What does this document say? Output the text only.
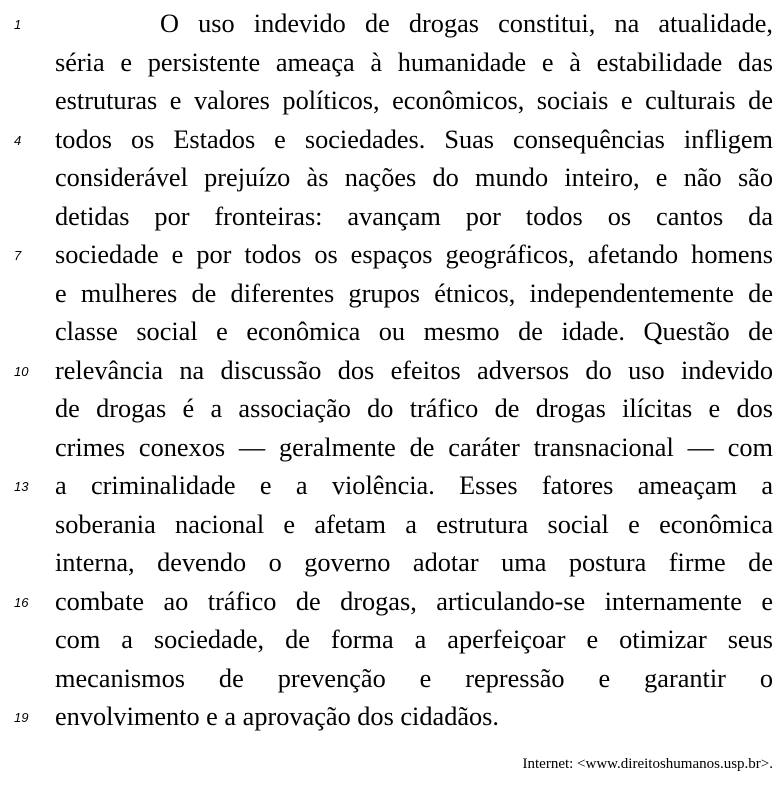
1	O uso indevido de drogas constitui, na atualidade,
séria e persistente ameaça à humanidade e à estabilidade das
estruturas e valores políticos, econômicos, sociais e culturais de
4	todos os Estados e sociedades. Suas consequências infligem
considerável prejuízo às nações do mundo inteiro, e não são
detidas por fronteiras: avançam por todos os cantos da
7	sociedade e por todos os espaços geográficos, afetando homens
e mulheres de diferentes grupos étnicos, independentemente de
classe social e econômica ou mesmo de idade. Questão de
10 relevância na discussão dos efeitos adversos do uso indevido
de drogas é a associação do tráfico de drogas ilícitas e dos
crimes conexos — geralmente de caráter transnacional — com
13 a criminalidade e a violência. Esses fatores ameaçam a
soberania nacional e afetam a estrutura social e econômica
interna, devendo o governo adotar uma postura firme de
16 combate ao tráfico de drogas, articulando-se internamente e
com a sociedade, de forma a aperfeiçoar e otimizar seus
mecanismos de prevenção e repressão e garantir o
19 envolvimento e a aprovação dos cidadãos.
Internet: <www.direitoshumanos.usp.br>.
